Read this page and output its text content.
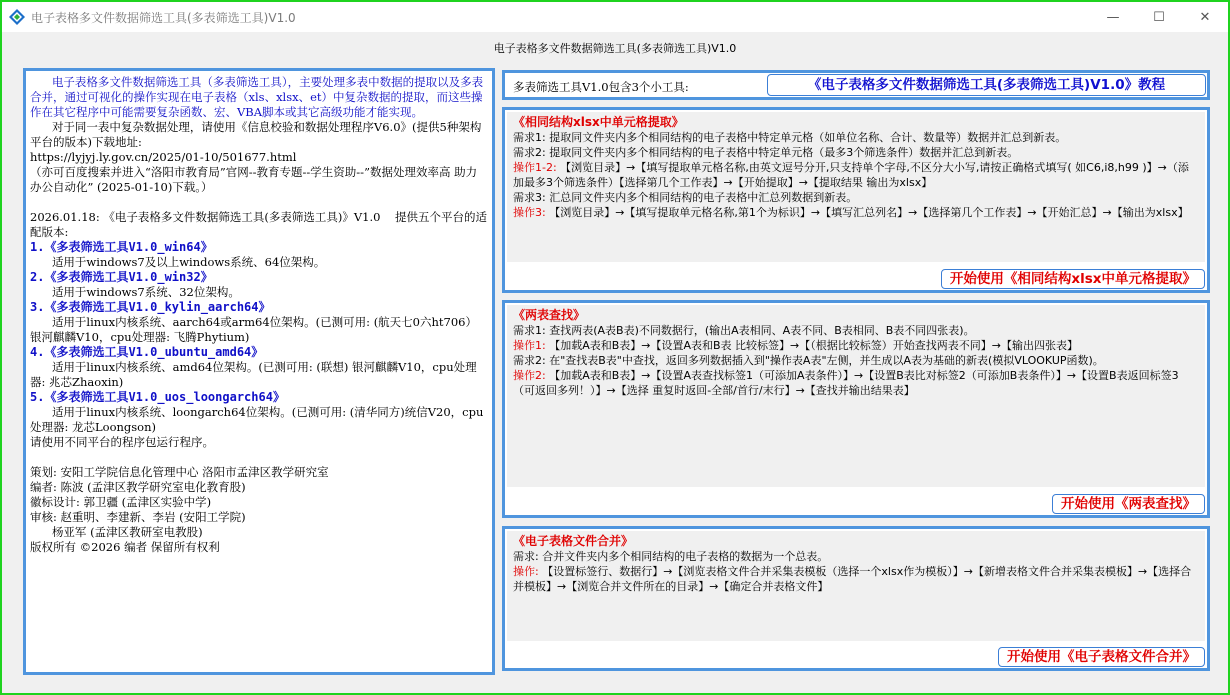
电子表格多文件数据筛选工具(多表筛选工具)V1.0	—	☐	✕
电子表格多文件数据筛选工具(多表筛选工具)V1.0

电子表格多文件数据筛选工具（多表筛选工具），主要处理多表中数据的提取以及多表合并，通过可视化的操作实现在电子表格（xls、xlsx、et）中复杂数据的提取，而这些操作在其它程序中可能需要复杂函数、宏、VBA脚本或其它高级功能才能实现。

对于同一表中复杂数据处理，请使用《信息校验和数据处理程序V6.0》(提供5种架构平台的版本)下载地址:
https://lyjyj.ly.gov.cn/2025/01-10/501677.html
（亦可百度搜索并进入“洛阳市教育局”官网--教育专题--学生资助--”数据处理效率高 助力办公自动化” (2025-01-10)下载。）

2026.01.18: 《电子表格多文件数据筛选工具(多表筛选工具)》V1.0    提供五个平台的适配版本:

1.《多表筛选工具V1.0_win64》

适用于windows7及以上windows系统、64位架构。

2.《多表筛选工具V1.0_win32》

适用于windows7系统、32位架构。

3.《多表筛选工具V1.0_kylin_aarch64》

适用于linux内核系统、aarch64或arm64位架构。(已测可用: (航天七0六ht706）银河麒麟V10，cpu处理器: 飞腾Phytium)

4.《多表筛选工具V1.0_ubuntu_amd64》

适用于linux内核系统、amd64位架构。(已测可用: (联想) 银河麒麟V10，cpu处理器: 兆芯Zhaoxin)

5.《多表筛选工具V1.0_uos_loongarch64》

适用于linux内核系统、loongarch64位架构。(已测可用: (清华同方)统信V20，cpu处理器: 龙芯Loongson)

请使用不同平台的程序包运行程序。

策划: 安阳工学院信息化管理中心 洛阳市孟津区教学研究室
编者: 陈波 (孟津区教学研究室电化教育股)
徽标设计: 郭卫疆 (孟津区实验中学)
审核: 赵重明、李建新、李岩 (安阳工学院)
杨亚军 (孟津区教研室电教股)
版权所有 ©2026 编者 保留所有权利

多表筛选工具V1.0包含3个小工具:	《电子表格多文件数据筛选工具(多表筛选工具)V1.0》教程
《相同结构xlsx中单元格提取》
需求1: 提取同文件夹内多个相同结构的电子表格中特定单元格（如单位名称、合计、数量等）数据并汇总到新表。
需求2: 提取同文件夹内多个相同结构的电子表格中特定单元格（最多3个筛选条件）数据并汇总到新表。
操作1-2: 【浏览目录】→【填写提取单元格名称,由英文逗号分开,只支持单个字母,不区分大小写,请按正确格式填写( 如C6,i8,h99 )】→（添加最多3个筛选条件）【选择第几个工作表】→【开始提取】→【提取结果 输出为xlsx】
需求3: 汇总同文件夹内多个相同结构的电子表格中汇总列数据到新表。
操作3: 【浏览目录】→【填写提取单元格名称,第1个为标识】→【填写汇总列名】→【选择第几个工作表】→【开始汇总】→【输出为xlsx】
开始使用《相同结构xlsx中单元格提取》
《两表查找》
需求1: 查找两表(A表B表)不同数据行，(输出A表相同、A表不同、B表相同、B表不同四张表)。
操作1: 【加载A表和B表】→【设置A表和B表 比较标签】→【（根据比较标签）开始查找两表不同】→【输出四张表】
需求2: 在"查找表B表"中查找，返回多列数据插入到"操作表A表"左侧，并生成以A表为基础的新表(模拟VLOOKUP函数)。
操作2: 【加载A表和B表】→【设置A表查找标签1（可添加A表条件）】→【设置B表比对标签2（可添加B表条件）】→【设置B表返回标签3（可返回多列！）】→【选择 重复时返回-全部/首行/末行】→【查找并输出结果表】
开始使用《两表查找》
《电子表格文件合并》
需求: 合并文件夹内多个相同结构的电子表格的数据为一个总表。
操作: 【设置标签行、数据行】→【浏览表格文件合并采集表模板（选择一个xlsx作为模板）】→【新增表格文件合并采集表模板】→【选择合并模板】→【浏览合并文件所在的目录】→【确定合并表格文件】
开始使用《电子表格文件合并》
